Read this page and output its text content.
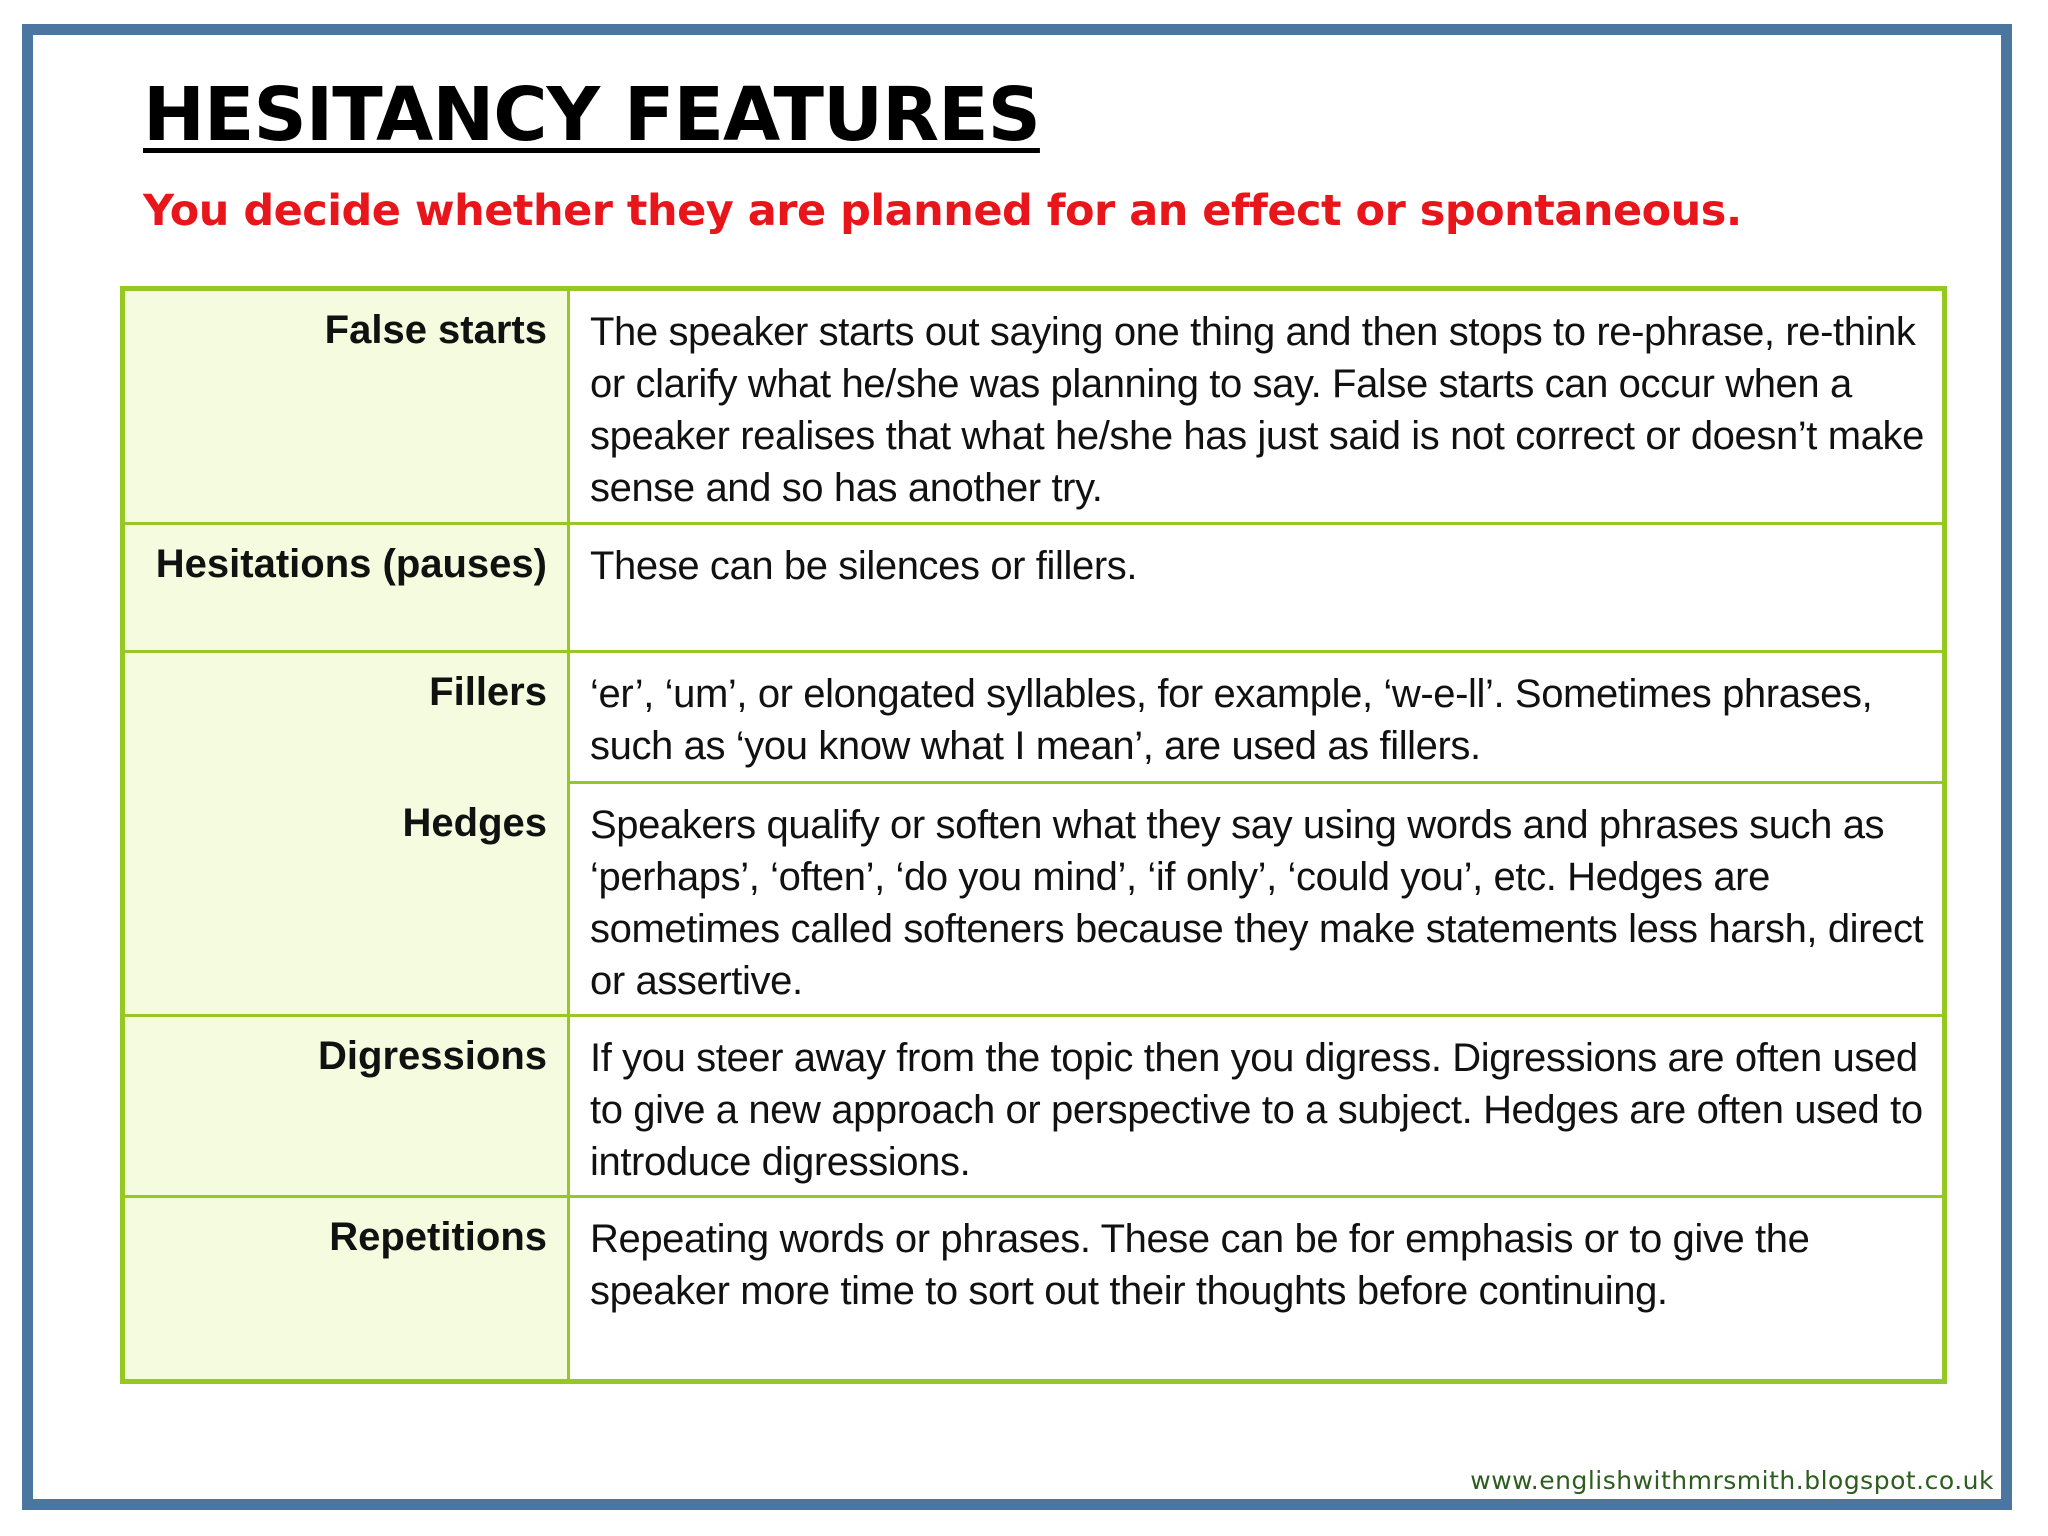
HESITANCY FEATURES

You decide whether they are planned for an effect or spontaneous.

False starts	The speaker starts out saying one thing and then stops to re-phrase, re-think or clarify what he/she was planning to say. False starts can occur when a speaker realises that what he/she has just said is not correct or doesn’t make sense and so has another try.
Hesitations (pauses)	These can be silences or fillers.
Fillers	‘er’, ‘um’, or elongated syllables, for example, ‘w-e-ll’. Sometimes phrases, such as ‘you know what I mean’, are used as fillers.
Hedges	Speakers qualify or soften what they say using words and phrases such as ‘perhaps’, ‘often’, ‘do you mind’, ‘if only’, ‘could you’, etc. Hedges are sometimes called softeners because they make statements less harsh, direct or assertive.
Digressions	If you steer away from the topic then you digress. Digressions are often used to give a new approach or perspective to a subject. Hedges are often used to introduce digressions.
Repetitions	Repeating words or phrases. These can be for emphasis or to give the speaker more time to sort out their thoughts before continuing.

www.englishwithmrsmith.blogspot.co.uk
